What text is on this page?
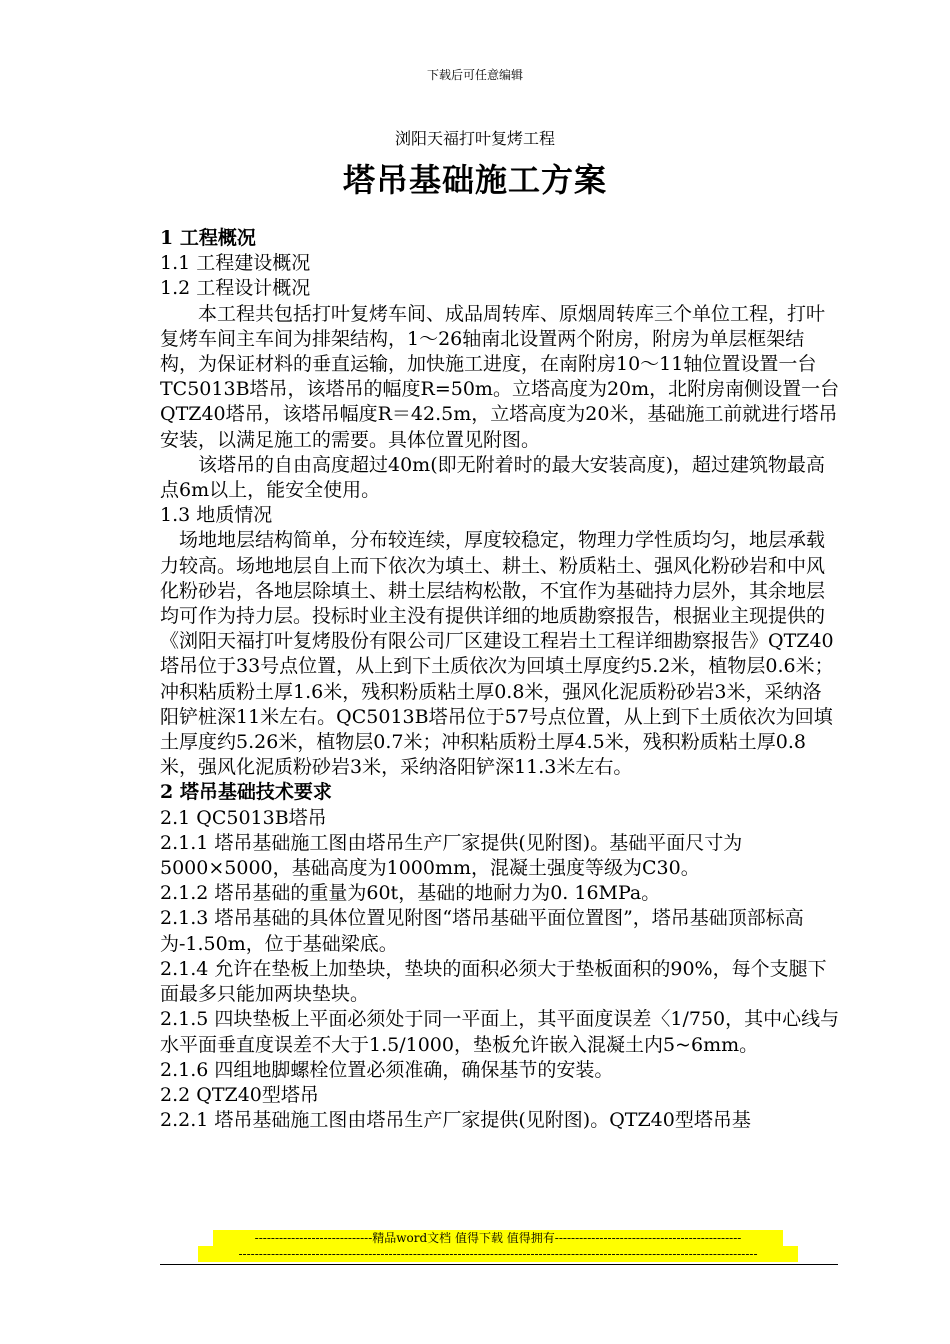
下载后可任意编辑
浏阳天福打叶复烤工程
塔吊基础施工方案

1 工程概况

1.1 工程建设概况

1.2 工程设计概况

本工程共包括打叶复烤车间、成品周转库、原烟周转库三个单位工程，打叶复烤车间主车间为排架结构，1～26轴南北设置两个附房，附房为单层框架结构，为保证材料的垂直运输，加快施工进度，在南附房10～11轴位置设置一台TC5013B塔吊，该塔吊的幅度R=50m。立塔高度为20m，北附房南侧设置一台QTZ40塔吊，该塔吊幅度R＝42.5m，立塔高度为20米，基础施工前就进行塔吊安装，以满足施工的需要。具体位置见附图。

该塔吊的自由高度超过40m(即无附着时的最大安装高度)，超过建筑物最高点6m以上，能安全使用。

1.3 地质情况

场地地层结构简单，分布较连续，厚度较稳定，物理力学性质均匀，地层承载力较高。场地地层自上而下依次为填土、耕土、粉质粘土、强风化粉砂岩和中风化粉砂岩，各地层除填土、耕土层结构松散，不宜作为基础持力层外，其余地层均可作为持力层。投标时业主没有提供详细的地质勘察报告，根据业主现提供的《浏阳天福打叶复烤股份有限公司厂区建设工程岩土工程详细勘察报告》QTZ40塔吊位于33号点位置，从上到下土质依次为回填土厚度约5.2米，植物层0.6米；冲积粘质粉土厚1.6米，残积粉质粘土厚0.8米，强风化泥质粉砂岩3米，采纳洛阳铲桩深11米左右。QC5013B塔吊位于57号点位置，从上到下土质依次为回填土厚度约5.26米，植物层0.7米；冲积粘质粉土厚4.5米，残积粉质粘土厚0.8米，强风化泥质粉砂岩3米，采纳洛阳铲深11.3米左右。

2 塔吊基础技术要求

2.1 QC5013B塔吊

2.1.1 塔吊基础施工图由塔吊生产厂家提供(见附图)。基础平面尺寸为5000×5000，基础高度为1000mm，混凝土强度等级为C30。

2.1.2 塔吊基础的重量为60t，基础的地耐力为0. 16MPa。

2.1.3 塔吊基础的具体位置见附图“塔吊基础平面位置图”，塔吊基础顶部标高为-1.50m，位于基础梁底。

2.1.4 允许在垫板上加垫块，垫块的面积必须大于垫板面积的90%，每个支腿下面最多只能加两块垫块。

2.1.5 四块垫板上平面必须处于同一平面上，其平面度误差〈1/750，其中心线与水平面垂直度误差不大于1.5/1000，垫板允许嵌入混凝土内5~6mm。

2.1.6 四组地脚螺栓位置必须准确，确保基节的安装。

2.2 QTZ40型塔吊

2.2.1 塔吊基础施工图由塔吊生产厂家提供(见附图)。QTZ40型塔吊基

-----------------------------精品word文档 值得下载 值得拥有----------------------------------------------
--------------------------------------------------------------------------------------------------------------------------------
